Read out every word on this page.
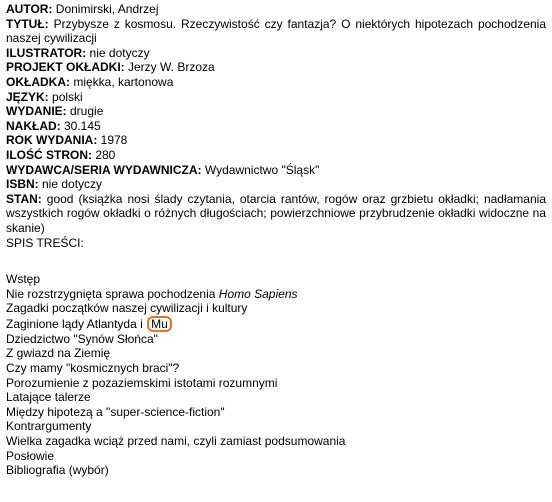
AUTOR: Donimirski, Andrzej
TYTUŁ: Przybysze z kosmosu. Rzeczywistość czy fantazja? O niektórych hipotezach pochodzenia naszej cywilizacji
ILUSTRATOR: nie dotyczy
PROJEKT OKŁADKI: Jerzy W. Brzoza
OKŁADKA: miękka, kartonowa
JĘZYK: polski
WYDANIE: drugie
NAKŁAD: 30.145
ROK WYDANIA: 1978
ILOŚĆ STRON: 280
WYDAWCA/SERIA WYDAWNICZA: Wydawnictwo "Śląsk"
ISBN: nie dotyczy
STAN: good (książka nosi ślady czytania, otarcia rantów, rogów oraz grzbietu okładki; nadłamania wszystkich rogów okładki o różnych długościach; powierzchniowe przybrudzenie okładki widoczne na skanie)
SPIS TREŚCI:
Wstęp
Nie rozstrzygnięta sprawa pochodzenia Homo Sapiens
Zagadki początków naszej cywilizacji i kultury
Zaginione lądy Atlantyda i Mu
Dziedzictwo "Synów Słońca"
Z gwiazd na Ziemię
Czy mamy "kosmicznych braci"?
Porozumienie z pozaziemskimi istotami rozumnymi
Latające talerze
Między hipotezą a "super-science-fiction"
Kontrargumenty
Wielka zagadka wciąż przed nami, czyli zamiast podsumowania
Posłowie
Bibliografia (wybór)
